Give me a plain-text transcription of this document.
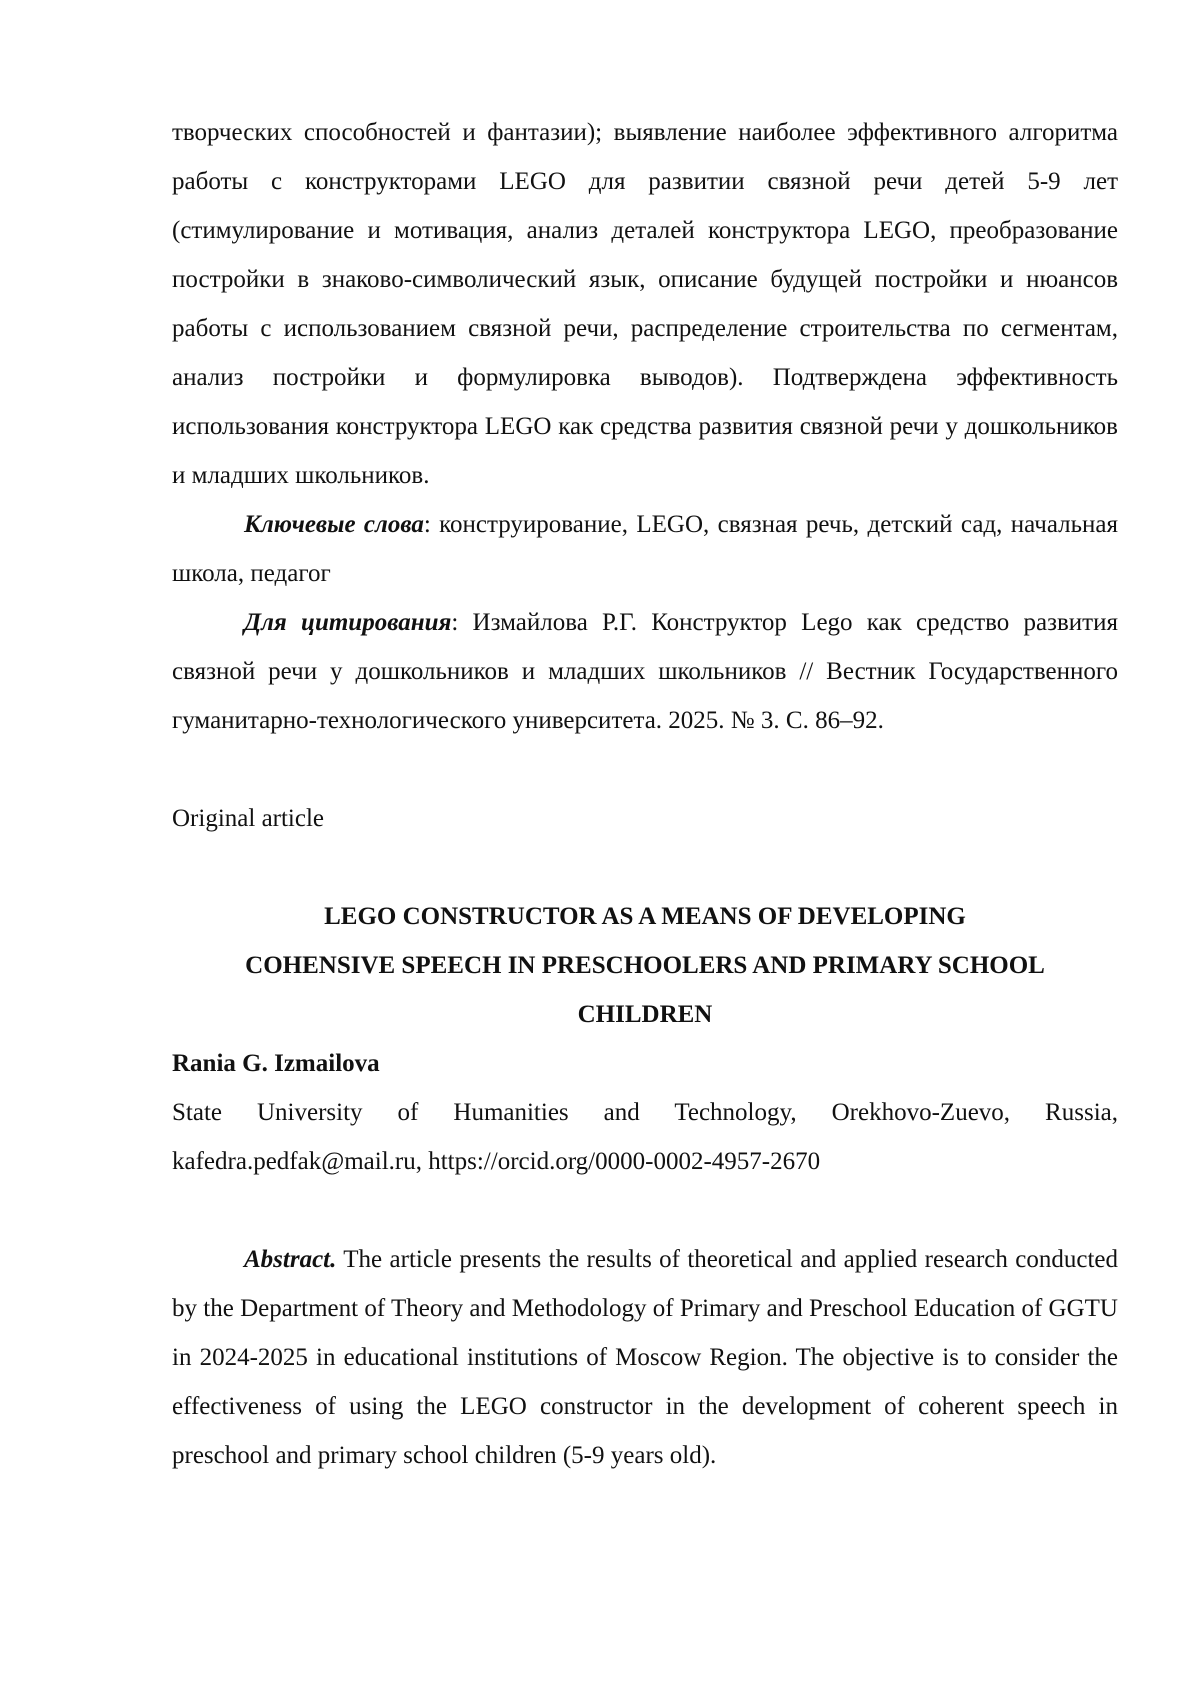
творческих способностей и фантазии); выявление наиболее эффективного алгоритма работы с конструкторами LEGO для развитии связной речи детей 5-9 лет (стимулирование и мотивация, анализ деталей конструктора LEGO, преобразование постройки в знаково-символический язык, описание будущей постройки и нюансов работы с использованием связной речи, распределение строительства по сегментам, анализ постройки и формулировка выводов). Подтверждена эффективность использования конструктора LEGO как средства развития связной речи у дошкольников и младших школьников.

Ключевые слова: конструирование, LEGO, связная речь, детский сад, начальная школа, педагог

Для цитирования: Измайлова Р.Г. Конструктор Lego как средство развития связной речи у дошкольников и младших школьников // Вестник Государственного гуманитарно-технологического университета. 2025. № 3. С. 86–92.

Original article

LEGO CONSTRUCTOR AS A MEANS OF DEVELOPING
COHENSIVE SPEECH IN PRESCHOOLERS AND PRIMARY SCHOOL
CHILDREN

Rania G. Izmailova

State University of Humanities and Technology, Orekhovo-Zuevo, Russia, kafedra.pedfak@mail.ru, https://orcid.org/0000-0002-4957-2670

Abstract. The article presents the results of theoretical and applied research conducted by the Department of Theory and Methodology of Primary and Preschool Education of GGTU in 2024-2025 in educational institutions of Moscow Region. The objective is to consider the effectiveness of using the LEGO constructor in the development of coherent speech in preschool and primary school children (5-9 years old).
